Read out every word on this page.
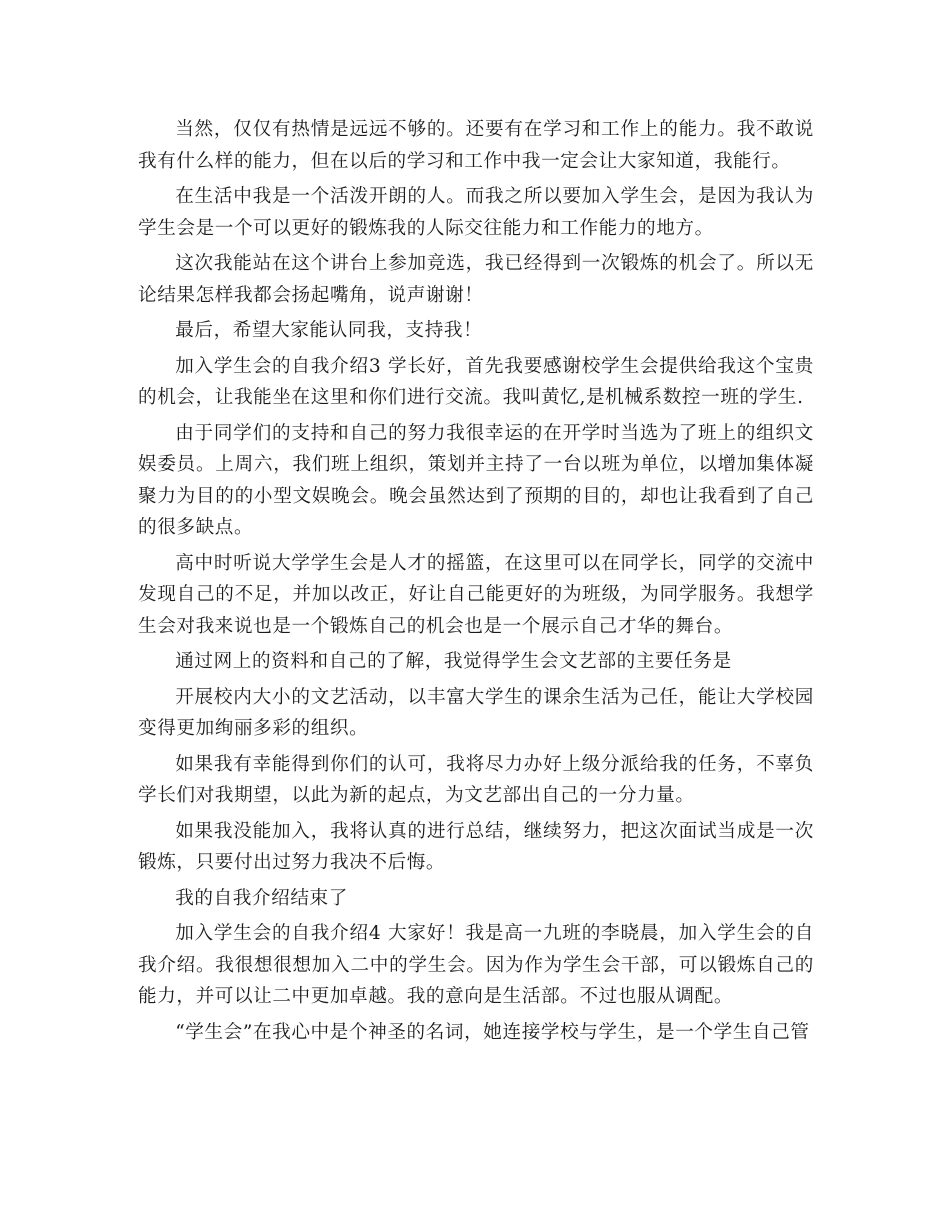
当然，仅仅有热情是远远不够的。还要有在学习和工作上的能力。我不敢说我有什么样的能力，但在以后的学习和工作中我一定会让大家知道，我能行。

在生活中我是一个活泼开朗的人。而我之所以要加入学生会，是因为我认为学生会是一个可以更好的锻炼我的人际交往能力和工作能力的地方。

这次我能站在这个讲台上参加竞选，我已经得到一次锻炼的机会了。所以无论结果怎样我都会扬起嘴角，说声谢谢！

最后，希望大家能认同我，支持我！

加入学生会的自我介绍3 学长好，首先我要感谢校学生会提供给我这个宝贵的机会，让我能坐在这里和你们进行交流。我叫黄忆,是机械系数控一班的学生.

由于同学们的支持和自己的努力我很幸运的在开学时当选为了班上的组织文娱委员。上周六，我们班上组织，策划并主持了一台以班为单位，以增加集体凝聚力为目的的小型文娱晚会。晚会虽然达到了预期的目的，却也让我看到了自己的很多缺点。

高中时听说大学学生会是人才的摇篮，在这里可以在同学长，同学的交流中发现自己的不足，并加以改正，好让自己能更好的为班级，为同学服务。我想学生会对我来说也是一个锻炼自己的机会也是一个展示自己才华的舞台。

通过网上的资料和自己的了解，我觉得学生会文艺部的主要任务是

开展校内大小的文艺活动，以丰富大学生的课余生活为己任，能让大学校园变得更加绚丽多彩的组织。

如果我有幸能得到你们的认可，我将尽力办好上级分派给我的任务，不辜负学长们对我期望，以此为新的起点，为文艺部出自己的一分力量。

如果我没能加入，我将认真的进行总结，继续努力，把这次面试当成是一次锻炼，只要付出过努力我决不后悔。

我的自我介绍结束了

加入学生会的自我介绍4 大家好！我是高一九班的李晓晨，加入学生会的自我介绍。我很想很想加入二中的学生会。因为作为学生会干部，可以锻炼自己的能力，并可以让二中更加卓越。我的意向是生活部。不过也服从调配。

“学生会”在我心中是个神圣的名词，她连接学校与学生，是一个学生自己管
